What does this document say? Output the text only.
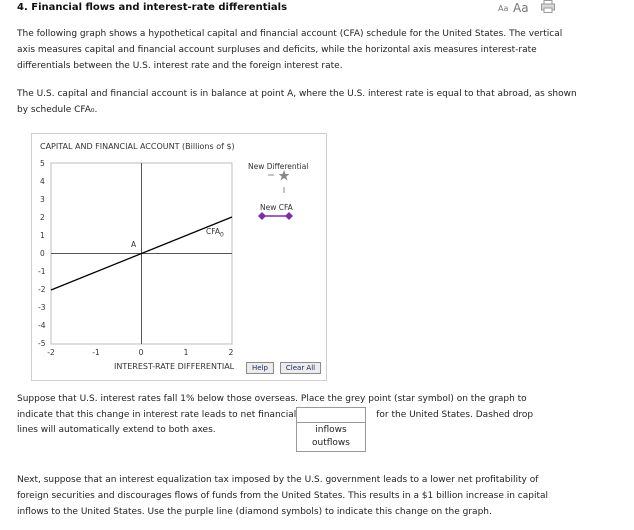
4. Financial flows and interest-rate differentials	Aa Aa
The following graph shows a hypothetical capital and financial account (CFA) schedule for the United States. The vertical axis measures capital and financial account surpluses and deficits, while the horizontal axis measures interest-rate differentials between the U.S. interest rate and the foreign interest rate.
The U.S. capital and financial account is in balance at point A, where the U.S. interest rate is equal to that abroad, as shown by schedule CFA₀.
CAPITAL AND FINANCIAL ACCOUNT (Billions of $)
5
4
3
2
1
0
-1
-2
-3
-4
-5
-2	-1	0	1	2
INTEREST-RATE DIFFERENTIAL
A
$CFA_0$
New Differential
New CFA
Help	Clear All
Suppose that U.S. interest rates fall 1% below those overseas. Place the grey point (star symbol) on the graph to indicate that this change in interest rate leads to net financial	for the United States. Dashed drop
lines will automatically extend to both axes.	inflows
outflows
Next, suppose that an interest equalization tax imposed by the U.S. government leads to a lower net profitability of foreign securities and discourages flows of funds from the United States. This results in a $1 billion increase in capital inflows to the United States. Use the purple line (diamond symbols) to indicate this change on the graph.
